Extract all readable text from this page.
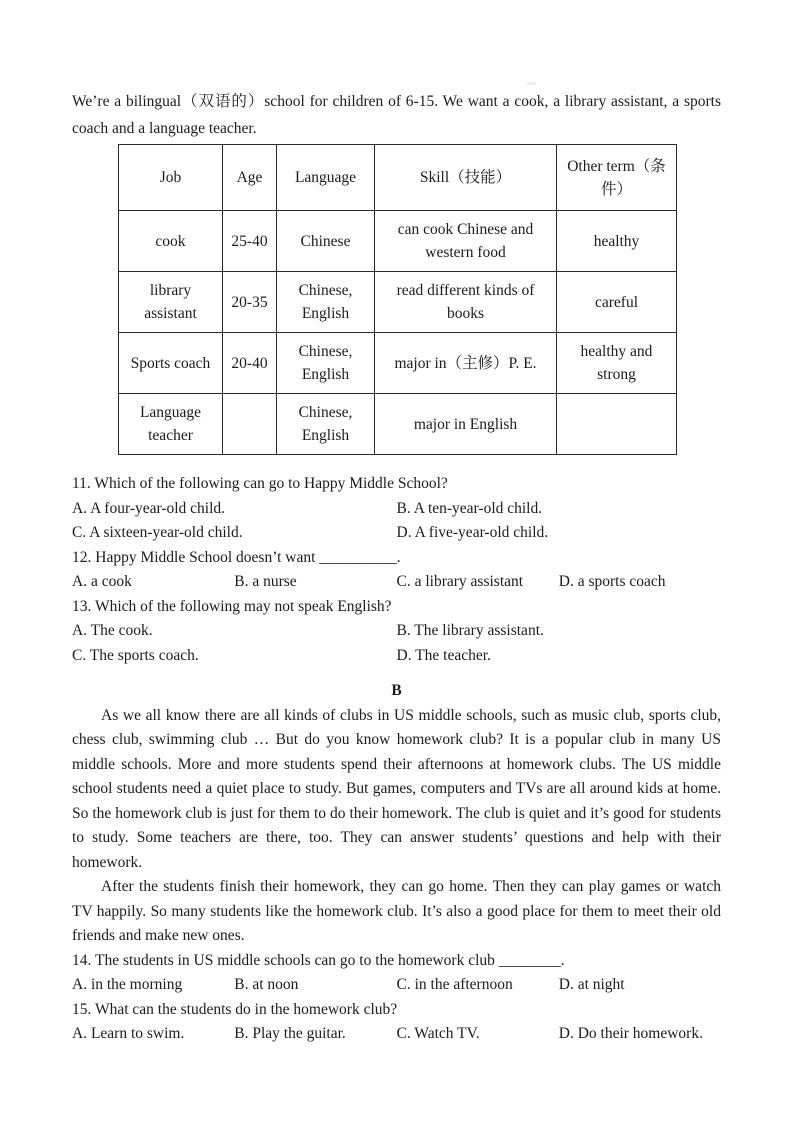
We’re a bilingual（双语的）school for children of 6-15. We want a cook, a library assistant, a sports coach and a language teacher.

Job	Age	Language	Skill（技能）	Other term（条件）
cook	25-40	Chinese	can cook Chinese and western food	healthy
library assistant	20-35	Chinese, English	read different kinds of books	careful
Sports coach	20-40	Chinese, English	major in（主修）P. E.	healthy and strong
Language teacher		Chinese, English	major in English	
11. Which of the following can go to Happy Middle School?
A. A four-year-old child.	B. A ten-year-old child.
C. A sixteen-year-old child.	D. A five-year-old child.
12. Happy Middle School doesn’t want __________.
A. a cook	B. a nurse	C. a library assistant	D. a sports coach
13. Which of the following may not speak English?
A. The cook.	B. The library assistant.
C. The sports coach.	D. The teacher.
B

As we all know there are all kinds of clubs in US middle schools, such as music club, sports club, chess club, swimming club … But do you know homework club? It is a popular club in many US middle schools. More and more students spend their afternoons at homework clubs. The US middle school students need a quiet place to study. But games, computers and TVs are all around kids at home. So the homework club is just for them to do their homework. The club is quiet and it’s good for students to study. Some teachers are there, too. They can answer students’ questions and help with their homework.

After the students finish their homework, they can go home. Then they can play games or watch TV happily. So many students like the homework club. It’s also a good place for them to meet their old friends and make new ones.

14. The students in US middle schools can go to the homework club ________.
A. in the morning	B. at noon	C. in the afternoon	D. at night
15. What can the students do in the homework club?
A. Learn to swim.	B. Play the guitar.	C. Watch TV.	D. Do their homework.
